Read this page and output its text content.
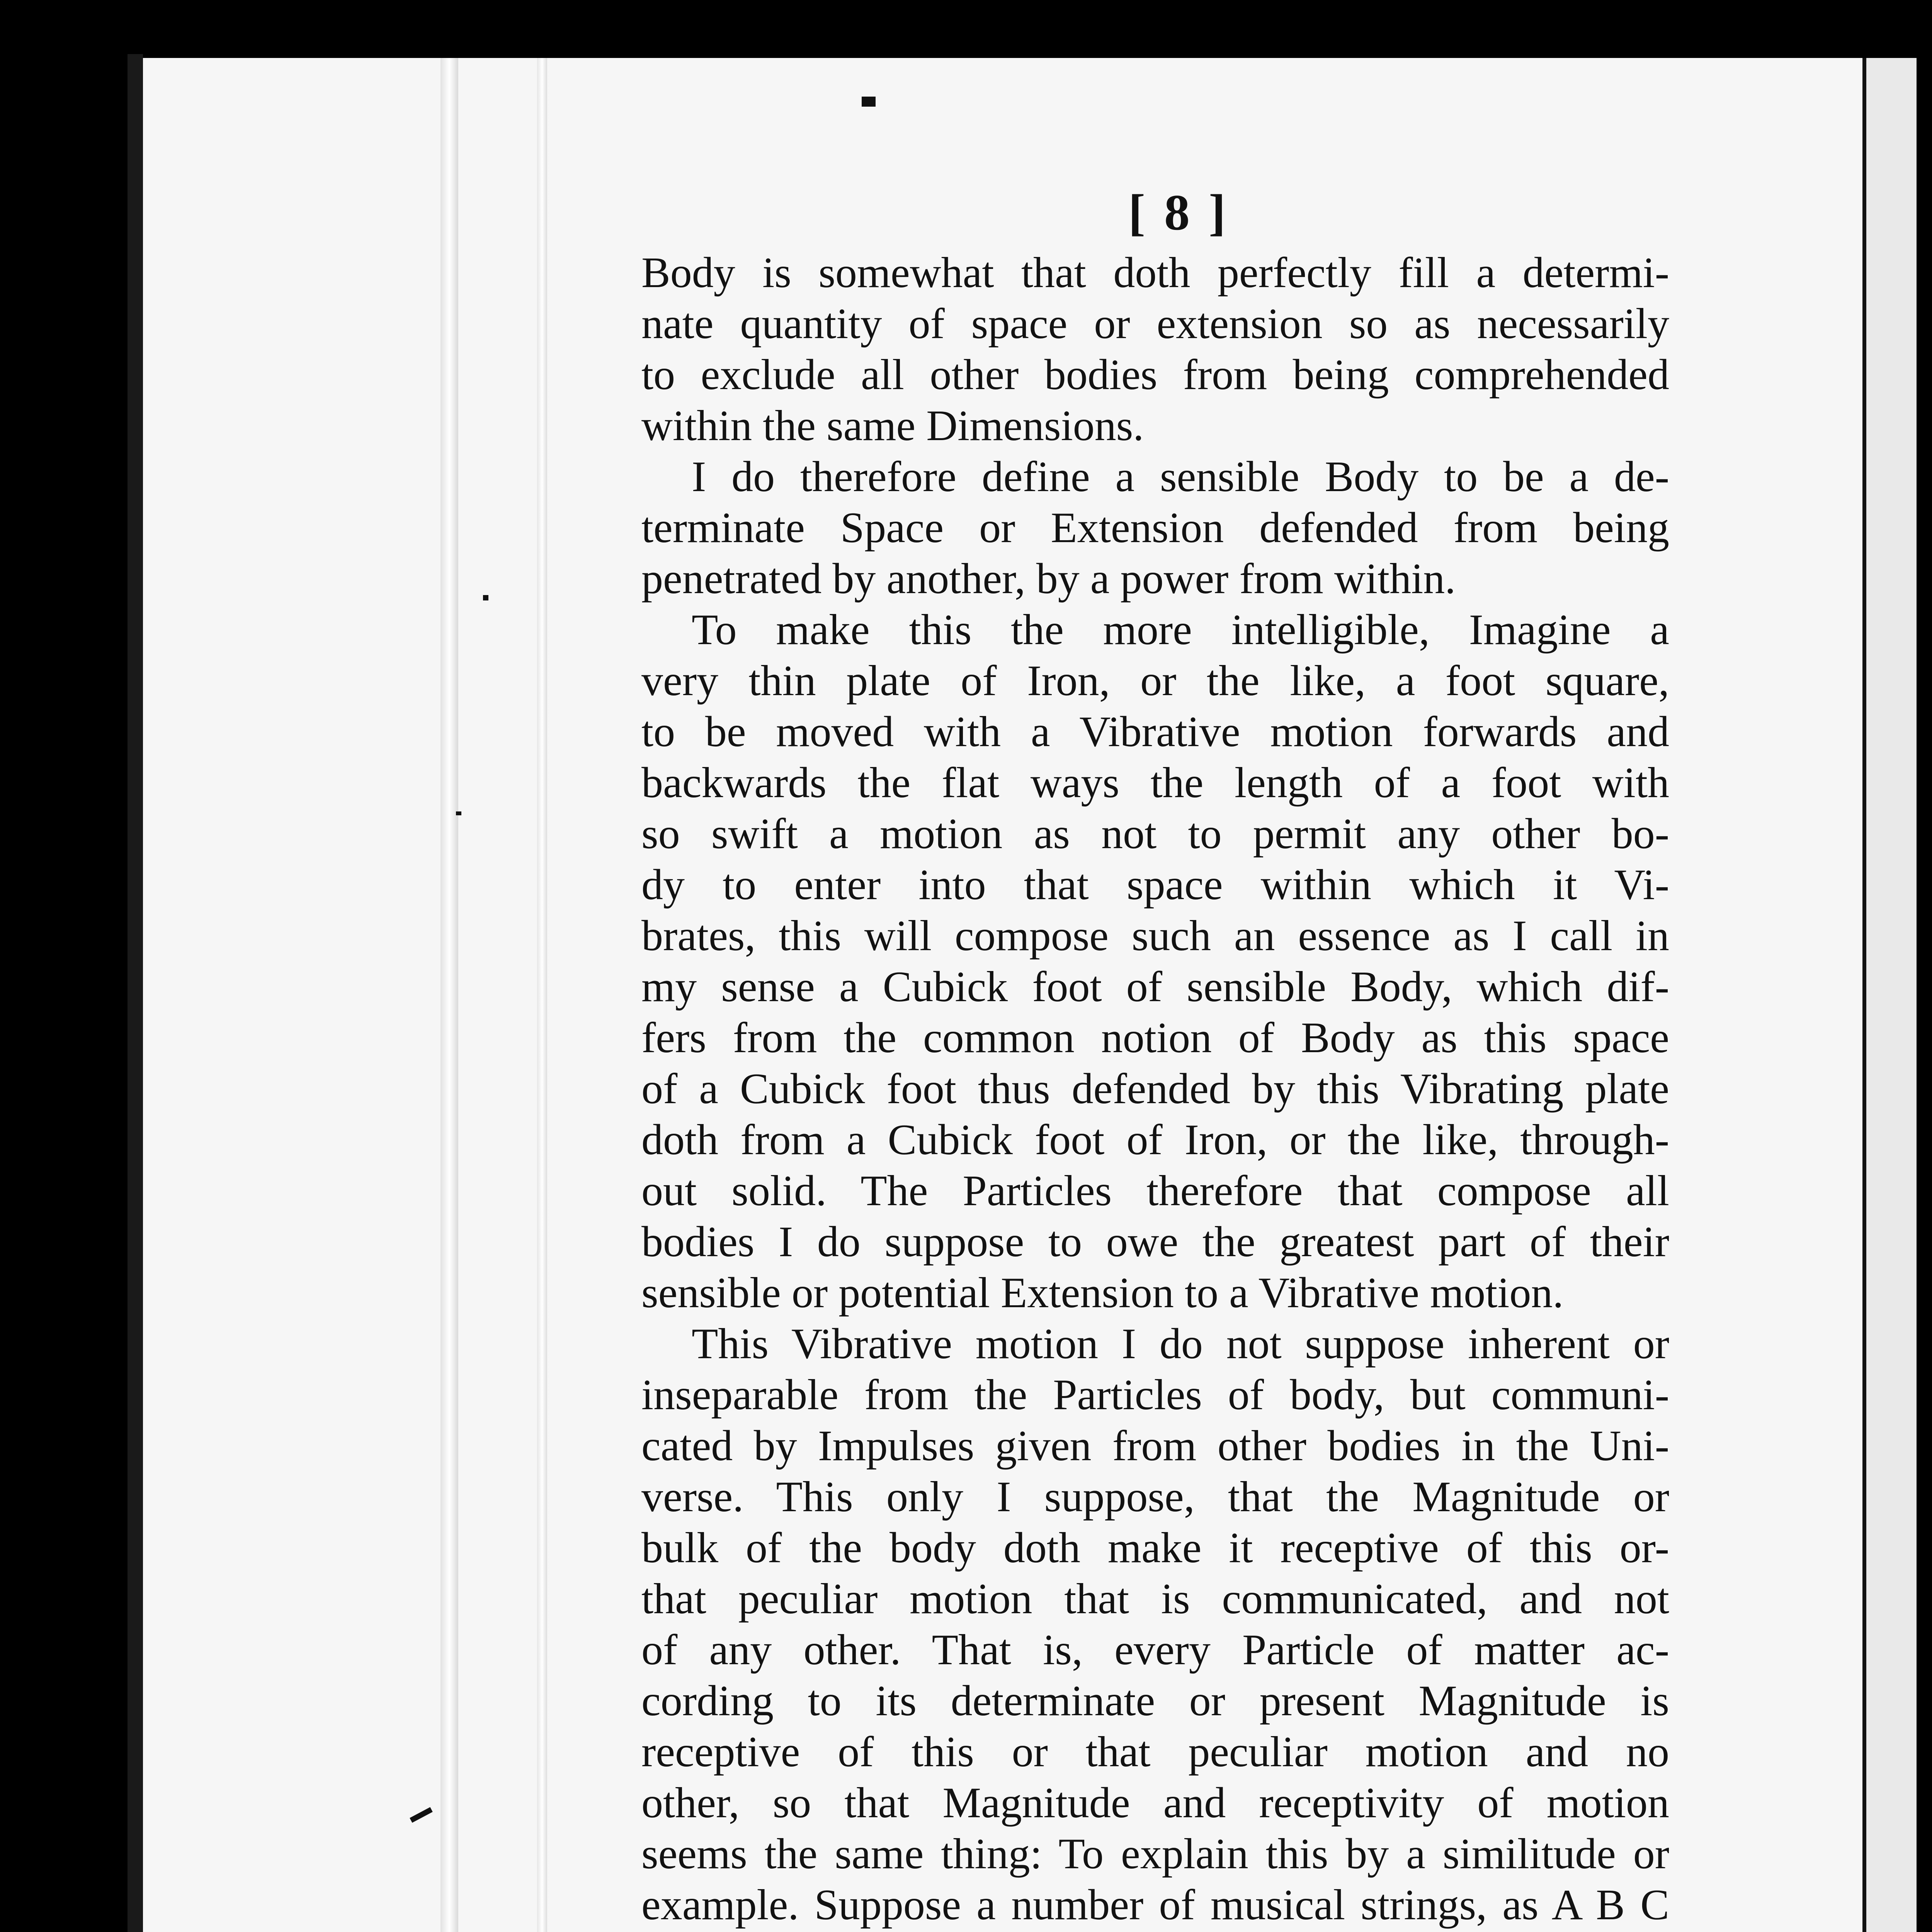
[ 8 ]
Body is somewhat that doth perfectly fill a determi-
nate quantity of space or extension so as necessarily
to exclude all other bodies from being comprehended
within the same Dimensions.
I do therefore define a sensible Body to be a de-
terminate Space or Extension defended from being
penetrated by another, by a power from within.
To make this the more intelligible, Imagine a
very thin plate of Iron, or the like, a foot square,
to be moved with a Vibrative motion forwards and
backwards the flat ways the length of a foot with
so swift a motion as not to permit any other bo-
dy to enter into that space within which it Vi-
brates, this will compose such an essence as I call in
my sense a Cubick foot of sensible Body, which dif-
fers from the common notion of Body as this space
of a Cubick foot thus defended by this Vibrating plate
doth from a Cubick foot of Iron, or the like, through-
out solid. The Particles therefore that compose all
bodies I do suppose to owe the greatest part of their
sensible or potential Extension to a Vibrative motion.
This Vibrative motion I do not suppose inherent or
inseparable from the Particles of body, but communi-
cated by Impulses given from other bodies in the Uni-
verse. This only I suppose, that the Magnitude or
bulk of the body doth make it receptive of this or-
that peculiar motion that is communicated, and not
of any other. That is, every Particle of matter ac-
cording to its determinate or present Magnitude is
receptive of this or that peculiar motion and no
other, so that Magnitude and receptivity of motion
seems the same thing: To explain this by a similitude or
example. Suppose a number of musical strings, as A B C
